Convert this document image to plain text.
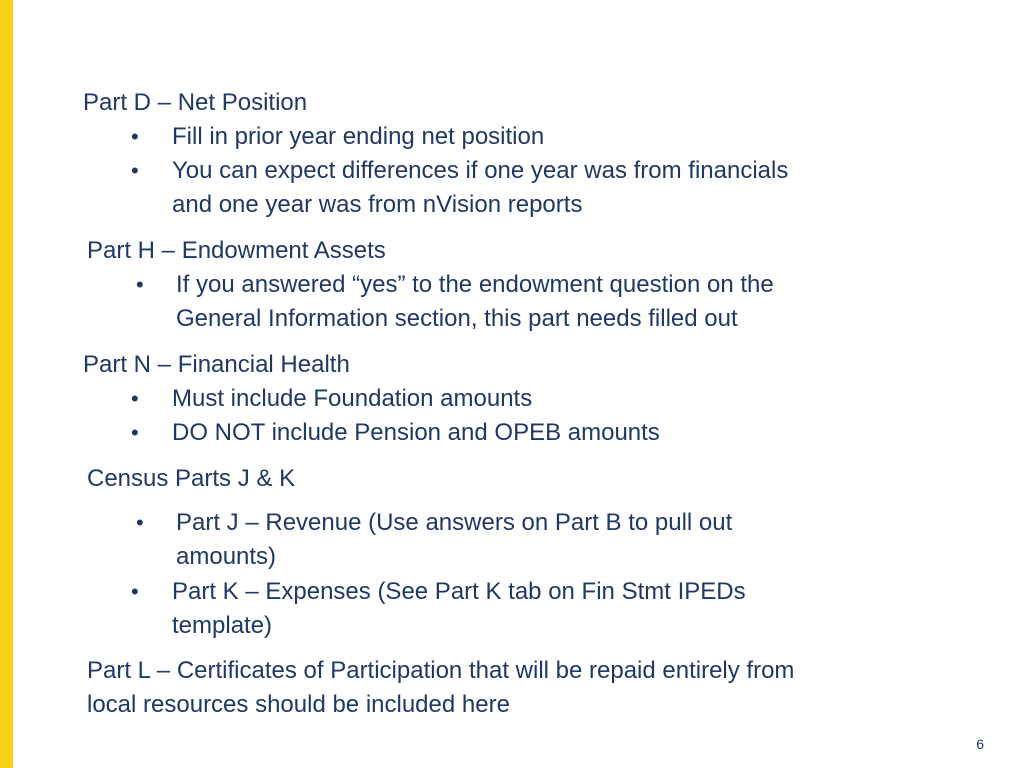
Part D – Net Position
• Fill in prior year ending net position
• You can expect differences if one year was from financials
and one year was from nVision reports
Part H – Endowment Assets
• If you answered “yes” to the endowment question on the
General Information section, this part needs filled out
Part N – Financial Health
• Must include Foundation amounts
• DO NOT include Pension and OPEB amounts
Census Parts J & K
• Part J – Revenue (Use answers on Part B to pull out
amounts)
• Part K – Expenses (See Part K tab on Fin Stmt IPEDs
template)
Part L – Certificates of Participation that will be repaid entirely from
local resources should be included here
6
